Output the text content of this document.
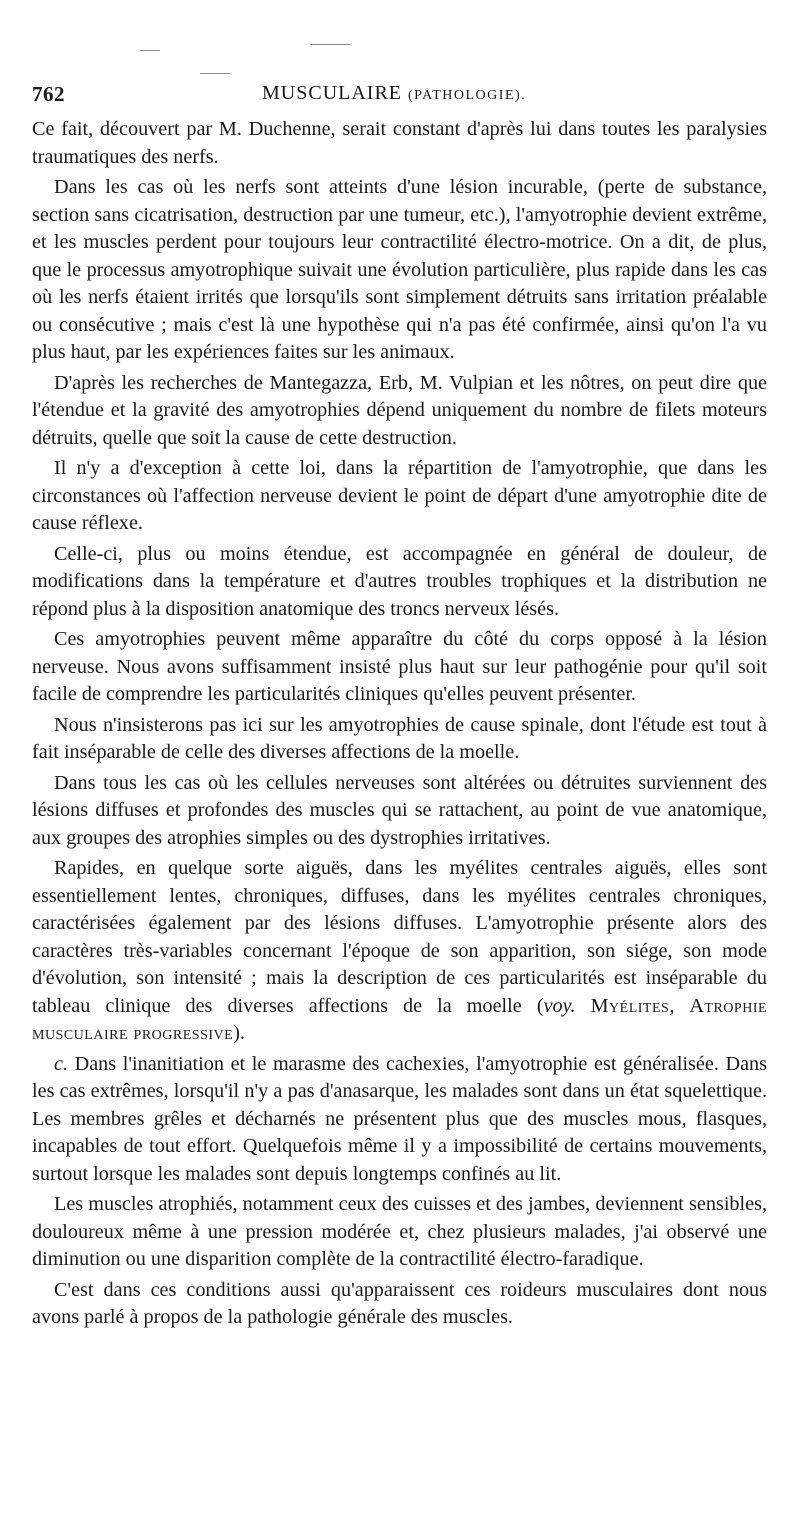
762	MUSCULAIRE (PATHOLOGIE).

Ce fait, découvert par M. Duchenne, serait constant d'après lui dans toutes les paralysies traumatiques des nerfs.

Dans les cas où les nerfs sont atteints d'une lésion incurable, (perte de substance, section sans cicatrisation, destruction par une tumeur, etc.), l'amyotrophie devient extrême, et les muscles perdent pour toujours leur contractilité électro-motrice. On a dit, de plus, que le processus amyotrophique suivait une évolution particulière, plus rapide dans les cas où les nerfs étaient irrités que lorsqu'ils sont simplement détruits sans irritation préalable ou consécutive ; mais c'est là une hypothèse qui n'a pas été confirmée, ainsi qu'on l'a vu plus haut, par les expériences faites sur les animaux.

D'après les recherches de Mantegazza, Erb, M. Vulpian et les nôtres, on peut dire que l'étendue et la gravité des amyotrophies dépend uniquement du nombre de filets moteurs détruits, quelle que soit la cause de cette destruction.

Il n'y a d'exception à cette loi, dans la répartition de l'amyotrophie, que dans les circonstances où l'affection nerveuse devient le point de départ d'une amyotrophie dite de cause réflexe.

Celle-ci, plus ou moins étendue, est accompagnée en général de douleur, de modifications dans la température et d'autres troubles trophiques et la distribution ne répond plus à la disposition anatomique des troncs nerveux lésés.

Ces amyotrophies peuvent même apparaître du côté du corps opposé à la lésion nerveuse. Nous avons suffisamment insisté plus haut sur leur pathogénie pour qu'il soit facile de comprendre les particularités cliniques qu'elles peuvent présenter.

Nous n'insisterons pas ici sur les amyotrophies de cause spinale, dont l'étude est tout à fait inséparable de celle des diverses affections de la moelle.

Dans tous les cas où les cellules nerveuses sont altérées ou détruites surviennent des lésions diffuses et profondes des muscles qui se rattachent, au point de vue anatomique, aux groupes des atrophies simples ou des dystrophies irritatives.

Rapides, en quelque sorte aiguës, dans les myélites centrales aiguës, elles sont essentiellement lentes, chroniques, diffuses, dans les myélites centrales chroniques, caractérisées également par des lésions diffuses. L'amyotrophie présente alors des caractères très-variables concernant l'époque de son apparition, son siége, son mode d'évolution, son intensité ; mais la description de ces particularités est inséparable du tableau clinique des diverses affections de la moelle (voy. Myélites, Atrophie musculaire progressive).

c. Dans l'inanitiation et le marasme des cachexies, l'amyotrophie est généralisée. Dans les cas extrêmes, lorsqu'il n'y a pas d'anasarque, les malades sont dans un état squelettique. Les membres grêles et décharnés ne présentent plus que des muscles mous, flasques, incapables de tout effort. Quelquefois même il y a impossibilité de certains mouvements, surtout lorsque les malades sont depuis longtemps confinés au lit.

Les muscles atrophiés, notamment ceux des cuisses et des jambes, deviennent sensibles, douloureux même à une pression modérée et, chez plusieurs malades, j'ai observé une diminution ou une disparition complète de la contractilité électro-faradique.

C'est dans ces conditions aussi qu'apparaissent ces roideurs musculaires dont nous avons parlé à propos de la pathologie générale des muscles.
